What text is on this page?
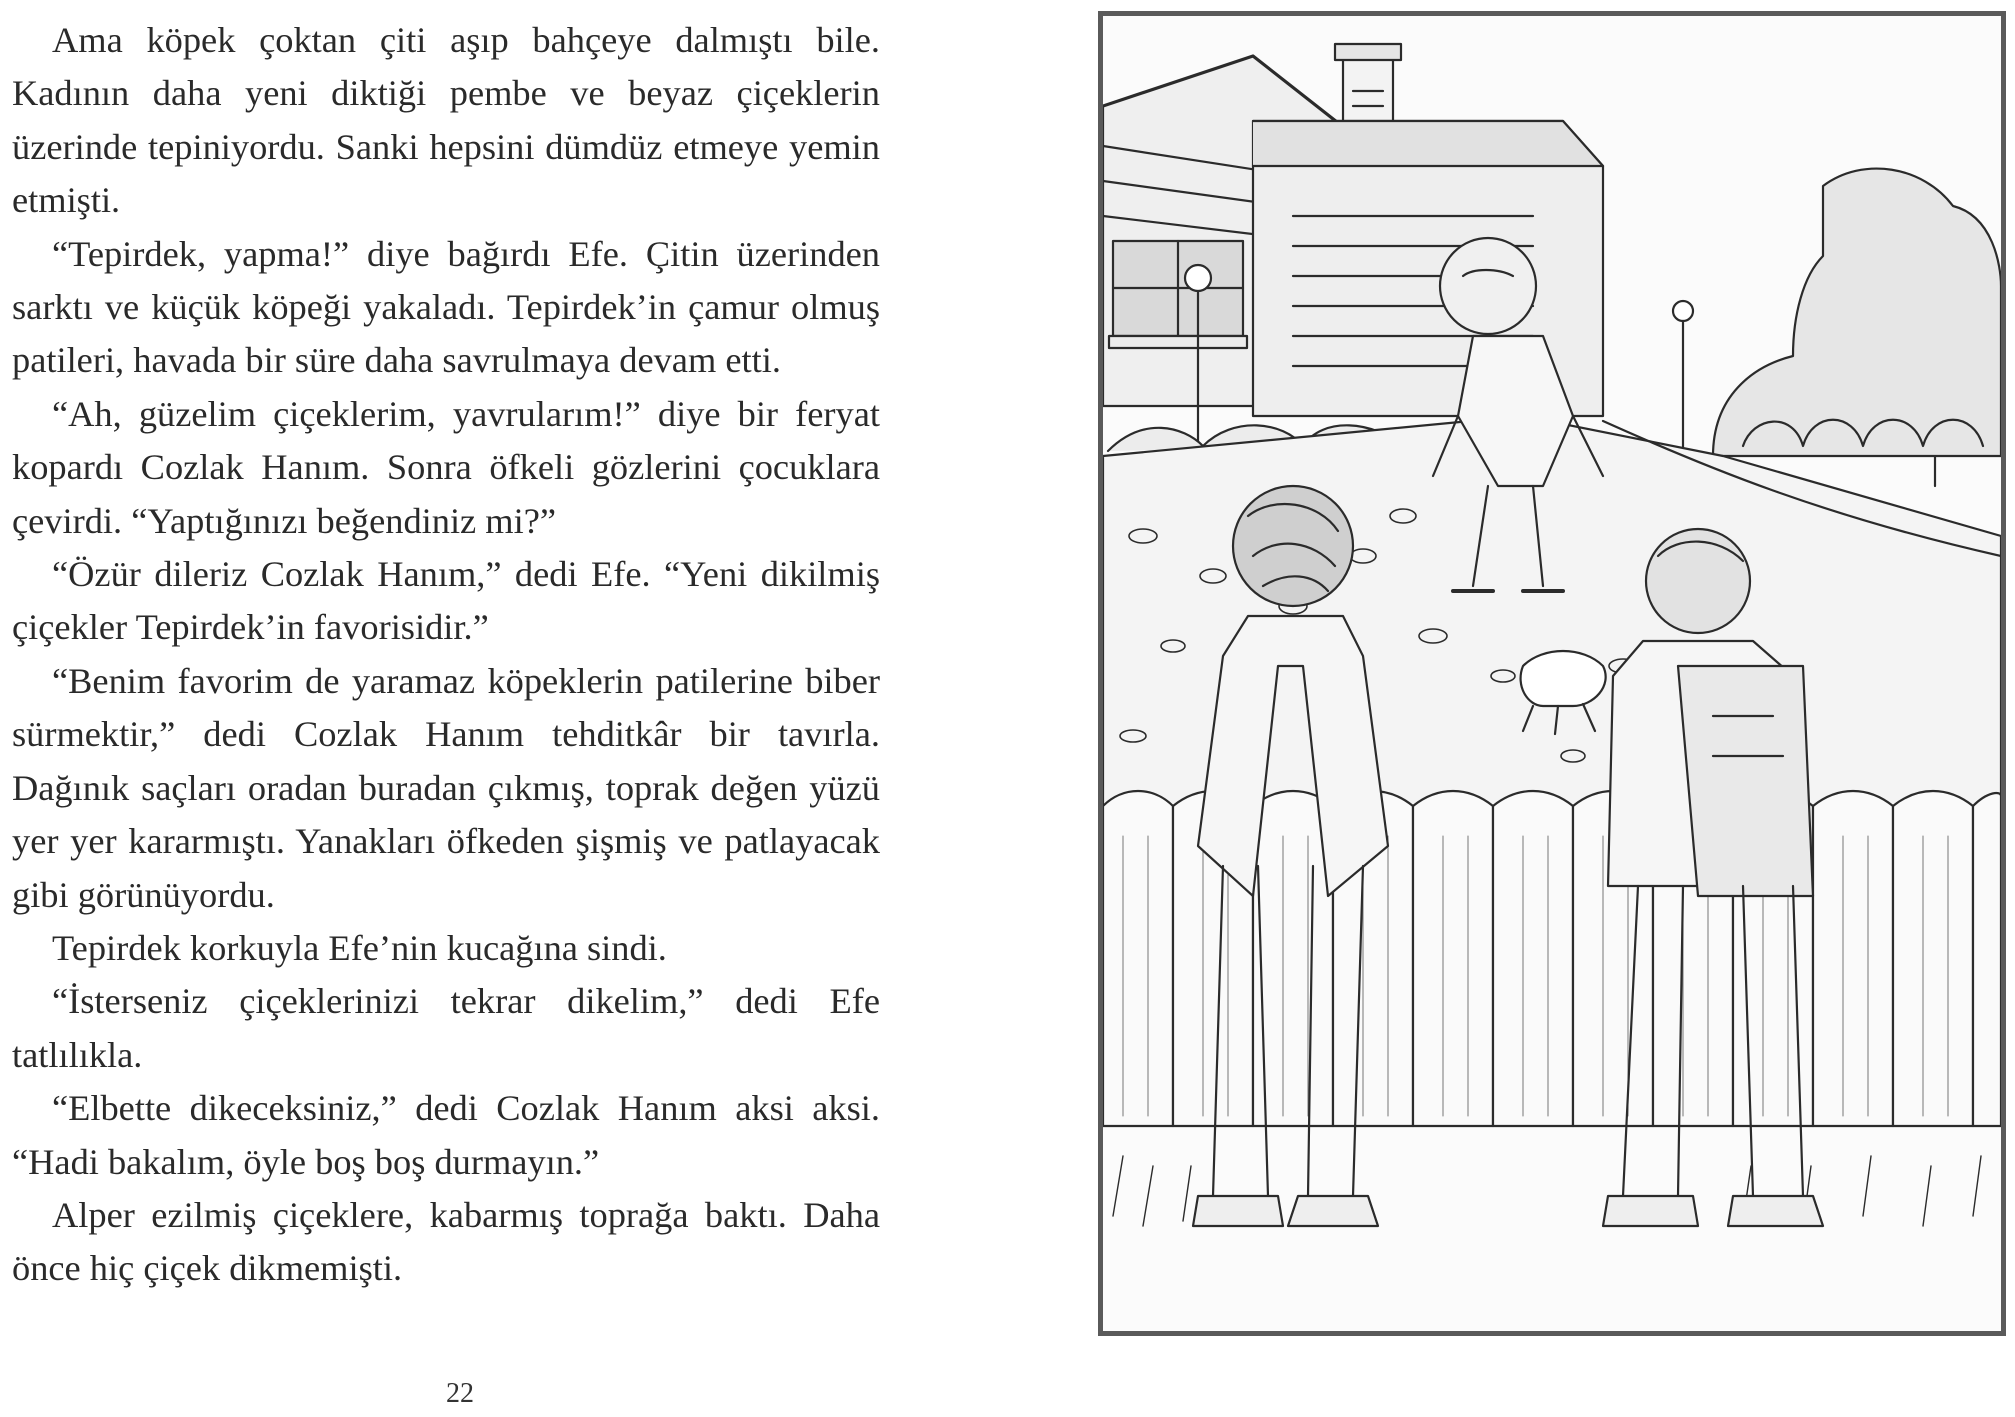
Ama köpek çoktan çiti aşıp bahçeye dalmıştı bile. Kadının daha yeni diktiği pembe ve beyaz çiçeklerin üzerinde tepiniyordu. Sanki hepsini dümdüz etmeye yemin etmişti.

“Tepirdek, yapma!” diye bağırdı Efe. Çitin üzerinden sarktı ve küçük köpeği yakaladı. Tepirdek’in çamur olmuş patileri, havada bir süre daha savrulmaya devam etti.

“Ah, güzelim çiçeklerim, yavrularım!” diye bir feryat kopardı Cozlak Hanım. Sonra öfkeli gözlerini çocuklara çevirdi. “Yaptığınızı beğendiniz mi?”

“Özür dileriz Cozlak Hanım,” dedi Efe. “Yeni dikilmiş çiçekler Tepirdek’in favorisidir.”

“Benim favorim de yaramaz köpeklerin patilerine biber sürmektir,” dedi Cozlak Hanım tehditkâr bir tavırla. Dağınık saçları oradan buradan çıkmış, toprak değen yüzü yer yer kararmıştı. Yanakları öfkeden şişmiş ve patlayacak gibi görünüyordu.

Tepirdek korkuyla Efe’nin kucağına sindi.

“İsterseniz çiçeklerinizi tekrar dikelim,” dedi Efe tatlılıkla.

“Elbette dikeceksiniz,” dedi Cozlak Hanım aksi aksi. “Hadi bakalım, öyle boş boş durmayın.”

Alper ezilmiş çiçeklere, kabarmış toprağa baktı. Daha önce hiç çiçek dikmemişti.

22
